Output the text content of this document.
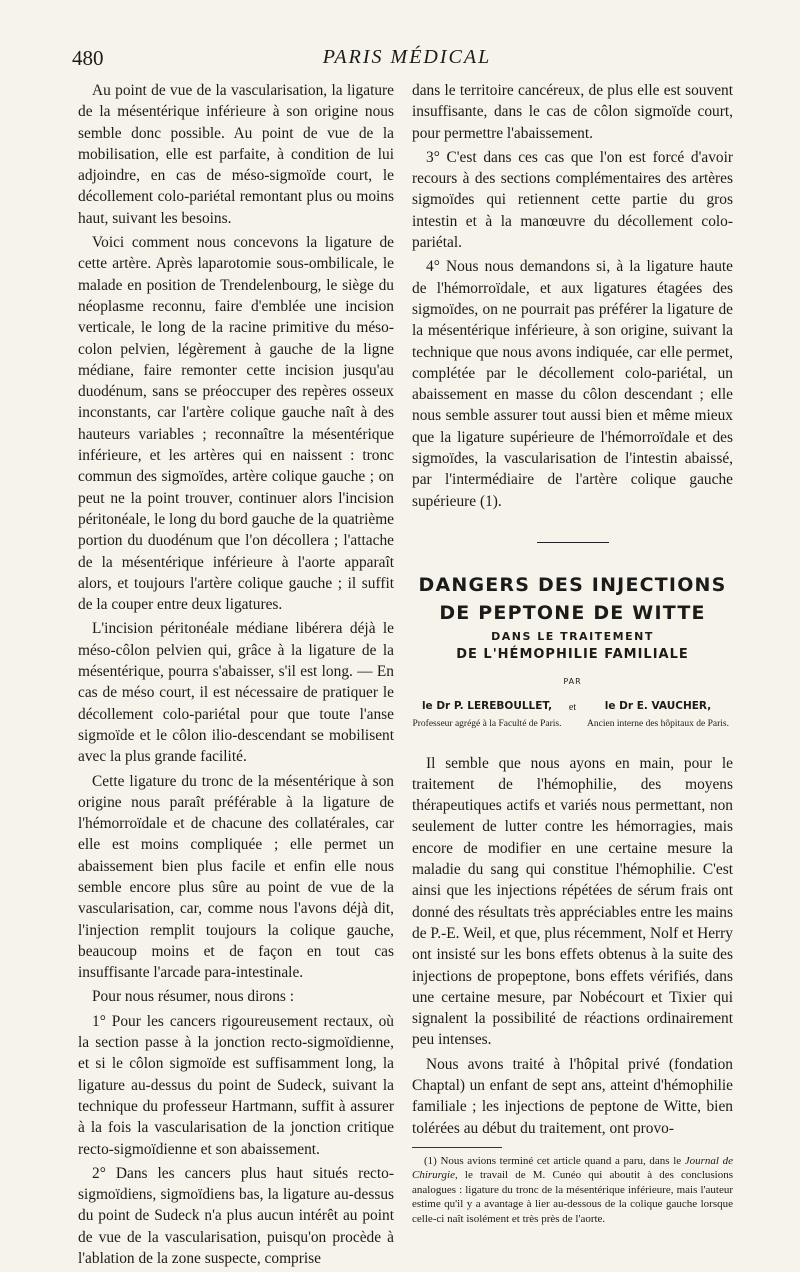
480	PARIS MÉDICAL

Au point de vue de la vascularisation, la ligature de la mésentérique inférieure à son origine nous semble donc possible. Au point de vue de la mobilisation, elle est parfaite, à condition de lui adjoindre, en cas de méso-sigmoïde court, le décollement colo-pariétal remontant plus ou moins haut, suivant les besoins.

Voici comment nous concevons la ligature de cette artère. Après laparotomie sous-ombilicale, le malade en position de Trendelenbourg, le siège du néoplasme reconnu, faire d'emblée une incision verticale, le long de la racine primitive du méso-colon pelvien, légèrement à gauche de la ligne médiane, faire remonter cette incision jusqu'au duodénum, sans se préoccuper des repères osseux inconstants, car l'artère colique gauche naît à des hauteurs variables ; reconnaître la mésentérique inférieure, et les artères qui en naissent : tronc commun des sigmoïdes, artère colique gauche ; on peut ne la point trouver, continuer alors l'incision péritonéale, le long du bord gauche de la quatrième portion du duodénum que l'on décollera ; l'attache de la mésentérique inférieure à l'aorte apparaît alors, et toujours l'artère colique gauche ; il suffit de la couper entre deux ligatures.

L'incision péritonéale médiane libérera déjà le méso-côlon pelvien qui, grâce à la ligature de la mésentérique, pourra s'abaisser, s'il est long. — En cas de méso court, il est nécessaire de pratiquer le décollement colo-pariétal pour que toute l'anse sigmoïde et le côlon ilio-descendant se mobilisent avec la plus grande facilité.

Cette ligature du tronc de la mésentérique à son origine nous paraît préférable à la ligature de l'hémorroïdale et de chacune des collatérales, car elle est moins compliquée ; elle permet un abaissement bien plus facile et enfin elle nous semble encore plus sûre au point de vue de la vascularisation, car, comme nous l'avons déjà dit, l'injection remplit toujours la colique gauche, beaucoup moins et de façon en tout cas insuffisante l'arcade para-intestinale.

Pour nous résumer, nous dirons :

1° Pour les cancers rigoureusement rectaux, où la section passe à la jonction recto-sigmoïdienne, et si le côlon sigmoïde est suffisamment long, la ligature au-dessus du point de Sudeck, suivant la technique du professeur Hartmann, suffit à assurer à la fois la vascularisation de la jonction critique recto-sigmoïdienne et son abaissement.

2° Dans les cancers plus haut situés recto-sigmoïdiens, sigmoïdiens bas, la ligature au-dessus du point de Sudeck n'a plus aucun intérêt au point de vue de la vascularisation, puisqu'on procède à l'ablation de la zone suspecte, comprise

dans le territoire cancéreux, de plus elle est souvent insuffisante, dans le cas de côlon sigmoïde court, pour permettre l'abaissement.

3° C'est dans ces cas que l'on est forcé d'avoir recours à des sections complémentaires des artères sigmoïdes qui retiennent cette partie du gros intestin et à la manœuvre du décollement colo-pariétal.

4° Nous nous demandons si, à la ligature haute de l'hémorroïdale, et aux ligatures étagées des sigmoïdes, on ne pourrait pas préférer la ligature de la mésentérique inférieure, à son origine, suivant la technique que nous avons indiquée, car elle permet, complétée par le décollement colo-pariétal, un abaissement en masse du côlon descendant ; elle nous semble assurer tout aussi bien et même mieux que la ligature supérieure de l'hémorroïdale et des sigmoïdes, la vascularisation de l'intestin abaissé, par l'intermédiaire de l'artère colique gauche supérieure (1).

DANGERS DES INJECTIONS
DE PEPTONE DE WITTE
DANS LE TRAITEMENT
DE L'HÉMOPHILIE FAMILIALE
PAR
le Dr P. LEREBOULLET,
Professeur agrégé à la Faculté de Paris.
et	le Dr E. VAUCHER,
Ancien interne des hôpitaux de Paris.

Il semble que nous ayons en main, pour le traitement de l'hémophilie, des moyens thérapeutiques actifs et variés nous permettant, non seulement de lutter contre les hémorragies, mais encore de modifier en une certaine mesure la maladie du sang qui constitue l'hémophilie. C'est ainsi que les injections répétées de sérum frais ont donné des résultats très appréciables entre les mains de P.-E. Weil, et que, plus récemment, Nolf et Herry ont insisté sur les bons effets obtenus à la suite des injections de propeptone, bons effets vérifiés, dans une certaine mesure, par Nobécourt et Tixier qui signalent la possibilité de réactions ordinairement peu intenses.

Nous avons traité à l'hôpital privé (fondation Chaptal) un enfant de sept ans, atteint d'hémophilie familiale ; les injections de peptone de Witte, bien tolérées au début du traitement, ont provo-

(1) Nous avions terminé cet article quand a paru, dans le Journal de Chirurgie, le travail de M. Cunéo qui aboutit à des conclusions analogues : ligature du tronc de la mésentérique inférieure, mais l'auteur estime qu'il y a avantage à lier au-dessous de la colique gauche lorsque celle-ci naît isolément et très près de l'aorte.
